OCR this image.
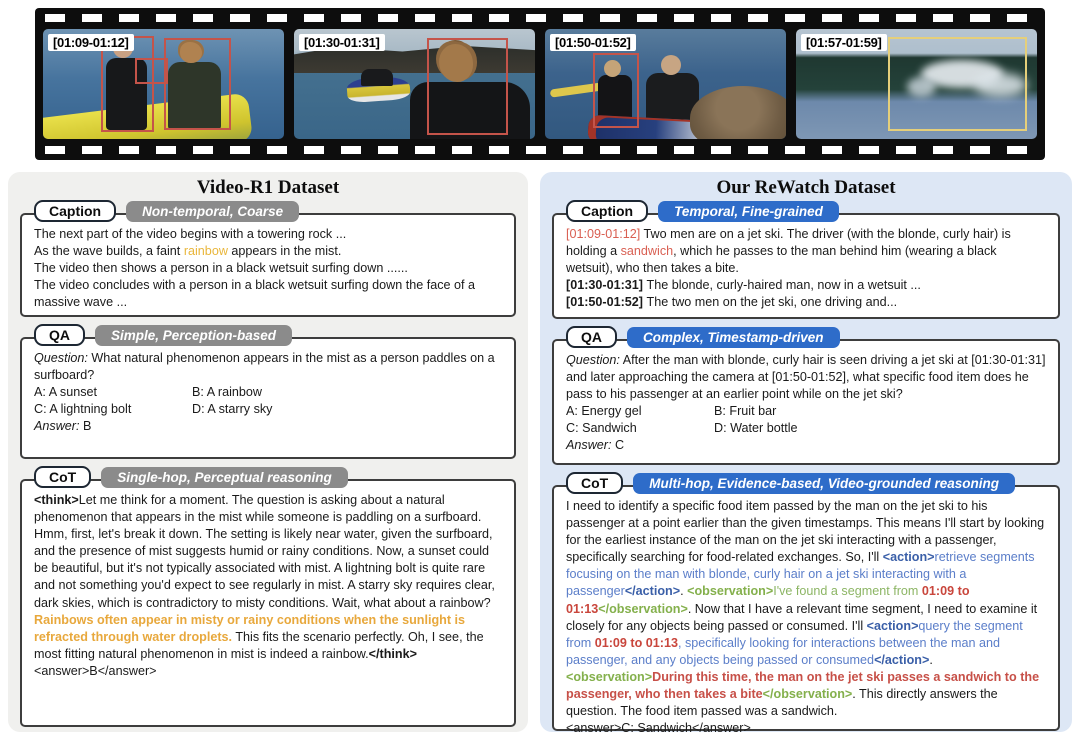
[01:09-01:12]	[01:30-01:31]	[01:50-01:52]	[01:57-01:59]
Video-R1 Dataset
Caption	Non-temporal, Coarse
The next part of the video begins with a towering rock ...
As the wave builds, a faint rainbow appears in the mist.
The video then shows a person in a black wetsuit surfing down ......
The video concludes with a person in a black wetsuit surfing down the face of a massive wave ...
QA	Simple, Perception-based
Question: What natural phenomenon appears in the mist as a person paddles on a surfboard?
A: A sunset	B: A rainbow
C: A lightning bolt	D: A starry sky
Answer: B
CoT	Single-hop, Perceptual reasoning
<think>Let me think for a moment. The question is asking about a natural phenomenon that appears in the mist while someone is paddling on a surfboard. Hmm, first, let's break it down. The setting is likely near water, given the surfboard, and the presence of mist suggests humid or rainy conditions. Now, a sunset could be beautiful, but it's not typically associated with mist. A lightning bolt is quite rare and not something you'd expect to see regularly in mist. A starry sky requires clear, dark skies, which is contradictory to misty conditions. Wait, what about a rainbow? Rainbows often appear in misty or rainy conditions when the sunlight is refracted through water droplets. This fits the scenario perfectly. Oh, I see, the most fitting natural phenomenon in mist is indeed a rainbow.</think>
<answer>B</answer>
Our ReWatch Dataset
Caption	Temporal, Fine-grained
[01:09-01:12] Two men are on a jet ski. The driver (with the blonde, curly hair) is holding a sandwich, which he passes to the man behind him (wearing a black wetsuit), who then takes a bite.
[01:30-01:31] The blonde, curly-haired man, now in a wetsuit ...
[01:50-01:52] The two men on the jet ski, one driving and...
QA	Complex, Timestamp-driven
Question: After the man with blonde, curly hair is seen driving a jet ski at [01:30-01:31] and later approaching the camera at [01:50-01:52], what specific food item does he pass to his passenger at an earlier point while on the jet ski?
A: Energy gel	B: Fruit bar
C: Sandwich	D: Water bottle
Answer: C
CoT	Multi-hop, Evidence-based, Video-grounded reasoning
I need to identify a specific food item passed by the man on the jet ski to his passenger at a point earlier than the given timestamps. This means I'll start by looking for the earliest instance of the man on the jet ski interacting with a passenger, specifically searching for food-related exchanges. So, I'll <action>retrieve segments focusing on the man with blonde, curly hair on a jet ski interacting with a passenger</action>. <observation>I've found a segment from 01:09 to 01:13</observation>. Now that I have a relevant time segment, I need to examine it closely for any objects being passed or consumed. I'll <action>query the segment from 01:09 to 01:13, specifically looking for interactions between the man and passenger, and any objects being passed or consumed</action>. <observation>During this time, the man on the jet ski passes a sandwich to the passenger, who then takes a bite</observation>. This directly answers the question. The food item passed was a sandwich.
<answer>C: Sandwich</answer>
